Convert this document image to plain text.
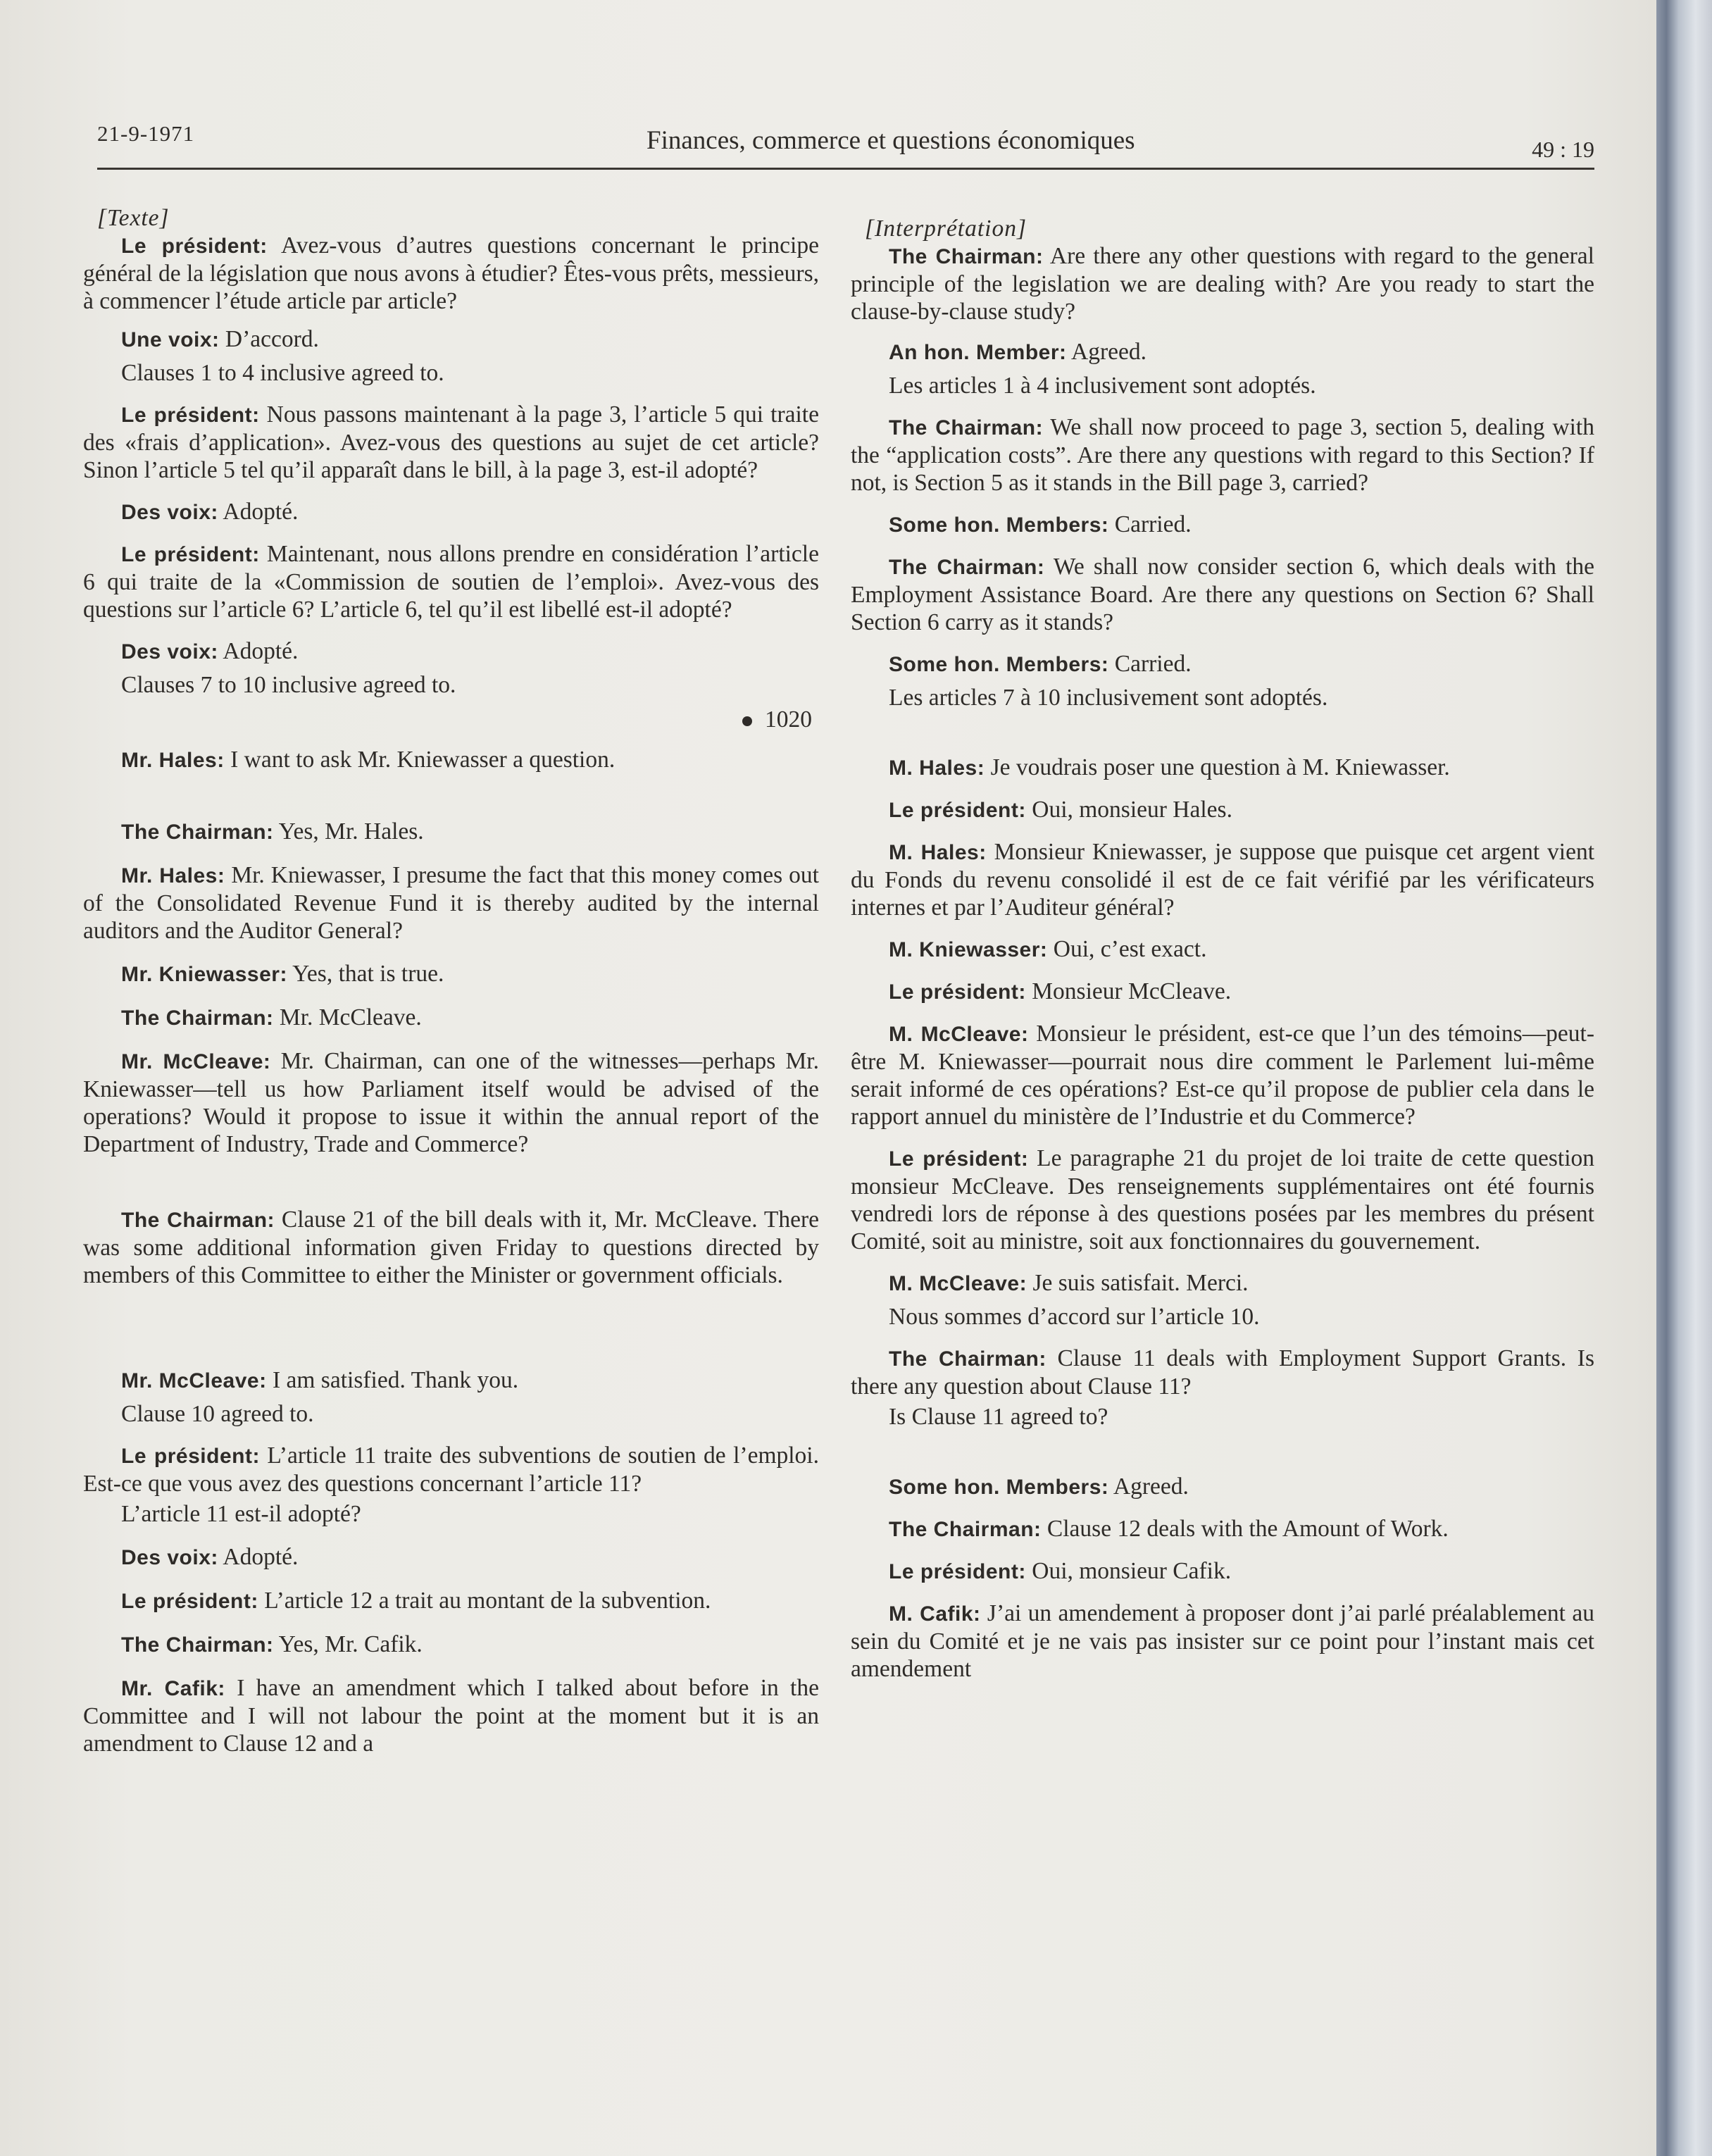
21-9-1971	Finances, commerce et questions économiques	49 : 19
[Texte]

Le président: Avez-vous d’autres questions concernant le principe général de la législation que nous avons à étudier? Êtes-vous prêts, messieurs, à commencer l’étude article par article?

Une voix: D’accord.

Clauses 1 to 4 inclusive agreed to.

Le président: Nous passons maintenant à la page 3, l’article 5 qui traite des «frais d’application». Avez-vous des questions au sujet de cet article? Sinon l’article 5 tel qu’il apparaît dans le bill, à la page 3, est-il adopté?

Des voix: Adopté.

Le président: Maintenant, nous allons prendre en considération l’article 6 qui traite de la «Commission de soutien de l’emploi». Avez-vous des questions sur l’article 6? L’article 6, tel qu’il est libellé est-il adopté?

Des voix: Adopté.

Clauses 7 to 10 inclusive agreed to.

1020

Mr. Hales: I want to ask Mr. Kniewasser a question.

The Chairman: Yes, Mr. Hales.

Mr. Hales: Mr. Kniewasser, I presume the fact that this money comes out of the Consolidated Revenue Fund it is thereby audited by the internal auditors and the Auditor General?

Mr. Kniewasser: Yes, that is true.

The Chairman: Mr. McCleave.

Mr. McCleave: Mr. Chairman, can one of the witnesses—perhaps Mr. Kniewasser—tell us how Parliament itself would be advised of the operations? Would it propose to issue it within the annual report of the Department of Industry, Trade and Commerce?

The Chairman: Clause 21 of the bill deals with it, Mr. McCleave. There was some additional information given Friday to questions directed by members of this Committee to either the Minister or government officials.

Mr. McCleave: I am satisfied. Thank you.

Clause 10 agreed to.

Le président: L’article 11 traite des subventions de soutien de l’emploi. Est-ce que vous avez des questions concernant l’article 11?

L’article 11 est-il adopté?

Des voix: Adopté.

Le président: L’article 12 a trait au montant de la subvention.

The Chairman: Yes, Mr. Cafik.

Mr. Cafik: I have an amendment which I talked about before in the Committee and I will not labour the point at the moment but it is an amendment to Clause 12 and a

[Interprétation]

The Chairman: Are there any other questions with regard to the general principle of the legislation we are dealing with? Are you ready to start the clause-by-clause study?

An hon. Member: Agreed.

Les articles 1 à 4 inclusivement sont adoptés.

The Chairman: We shall now proceed to page 3, section 5, dealing with the “application costs”. Are there any questions with regard to this Section? If not, is Section 5 as it stands in the Bill page 3, carried?

Some hon. Members: Carried.

The Chairman: We shall now consider section 6, which deals with the Employment Assistance Board. Are there any questions on Section 6? Shall Section 6 carry as it stands?

Some hon. Members: Carried.

Les articles 7 à 10 inclusivement sont adoptés.

M. Hales: Je voudrais poser une question à M. Kniewasser.

Le président: Oui, monsieur Hales.

M. Hales: Monsieur Kniewasser, je suppose que puisque cet argent vient du Fonds du revenu consolidé il est de ce fait vérifié par les vérificateurs internes et par l’Auditeur général?

M. Kniewasser: Oui, c’est exact.

Le président: Monsieur McCleave.

M. McCleave: Monsieur le président, est-ce que l’un des témoins—peut-être M. Kniewasser—pourrait nous dire comment le Parlement lui-même serait informé de ces opérations? Est-ce qu’il propose de publier cela dans le rapport annuel du ministère de l’Industrie et du Commerce?

Le président: Le paragraphe 21 du projet de loi traite de cette question monsieur McCleave. Des renseignements supplémentaires ont été fournis vendredi lors de réponse à des questions posées par les membres du présent Comité, soit au ministre, soit aux fonctionnaires du gouvernement.

M. McCleave: Je suis satisfait. Merci.

Nous sommes d’accord sur l’article 10.

The Chairman: Clause 11 deals with Employment Support Grants. Is there any question about Clause 11?

Is Clause 11 agreed to?

Some hon. Members: Agreed.

The Chairman: Clause 12 deals with the Amount of Work.

Le président: Oui, monsieur Cafik.

M. Cafik: J’ai un amendement à proposer dont j’ai parlé préalablement au sein du Comité et je ne vais pas insister sur ce point pour l’instant mais cet amendement
